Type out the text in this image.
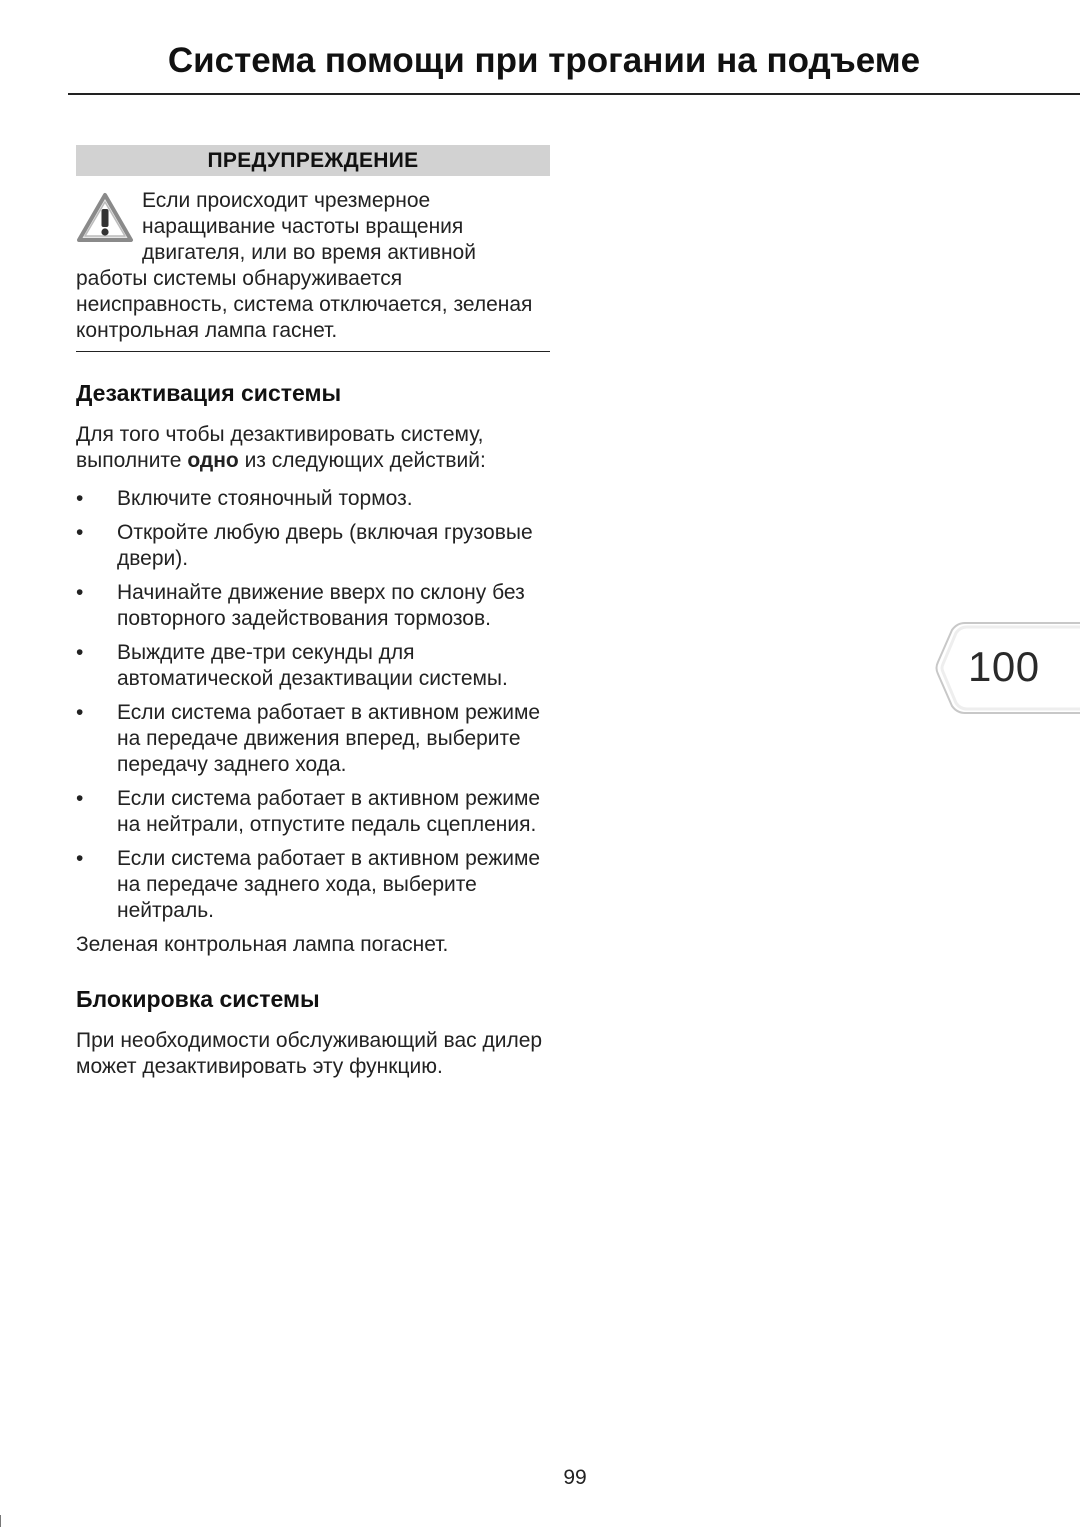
Система помощи при трогании на подъеме
ПРЕДУПРЕЖДЕНИЕ

Если происходит чрезмерное наращивание частоты вращения двигателя, или во время активной работы системы обнаруживается неисправность, система отключается, зеленая контрольная лампа гаснет.

Дезактивация системы

Для того чтобы дезактивировать систему, выполните одно из следующих действий:

• Включите стояночный тормоз.
• Откройте любую дверь (включая грузовые двери).
• Начинайте движение вверх по склону без повторного задействования тормозов.
• Выждите две-три секунды для автоматической дезактивации системы.
• Если система работает в активном режиме на передаче движения вперед, выберите передачу заднего хода.
• Если система работает в активном режиме на нейтрали, отпустите педаль сцепления.
• Если система работает в активном режиме на передаче заднего хода, выберите нейтраль.

Зеленая контрольная лампа погаснет.

Блокировка системы

При необходимости обслуживающий вас дилер может дезактивировать эту функцию.

100
99
